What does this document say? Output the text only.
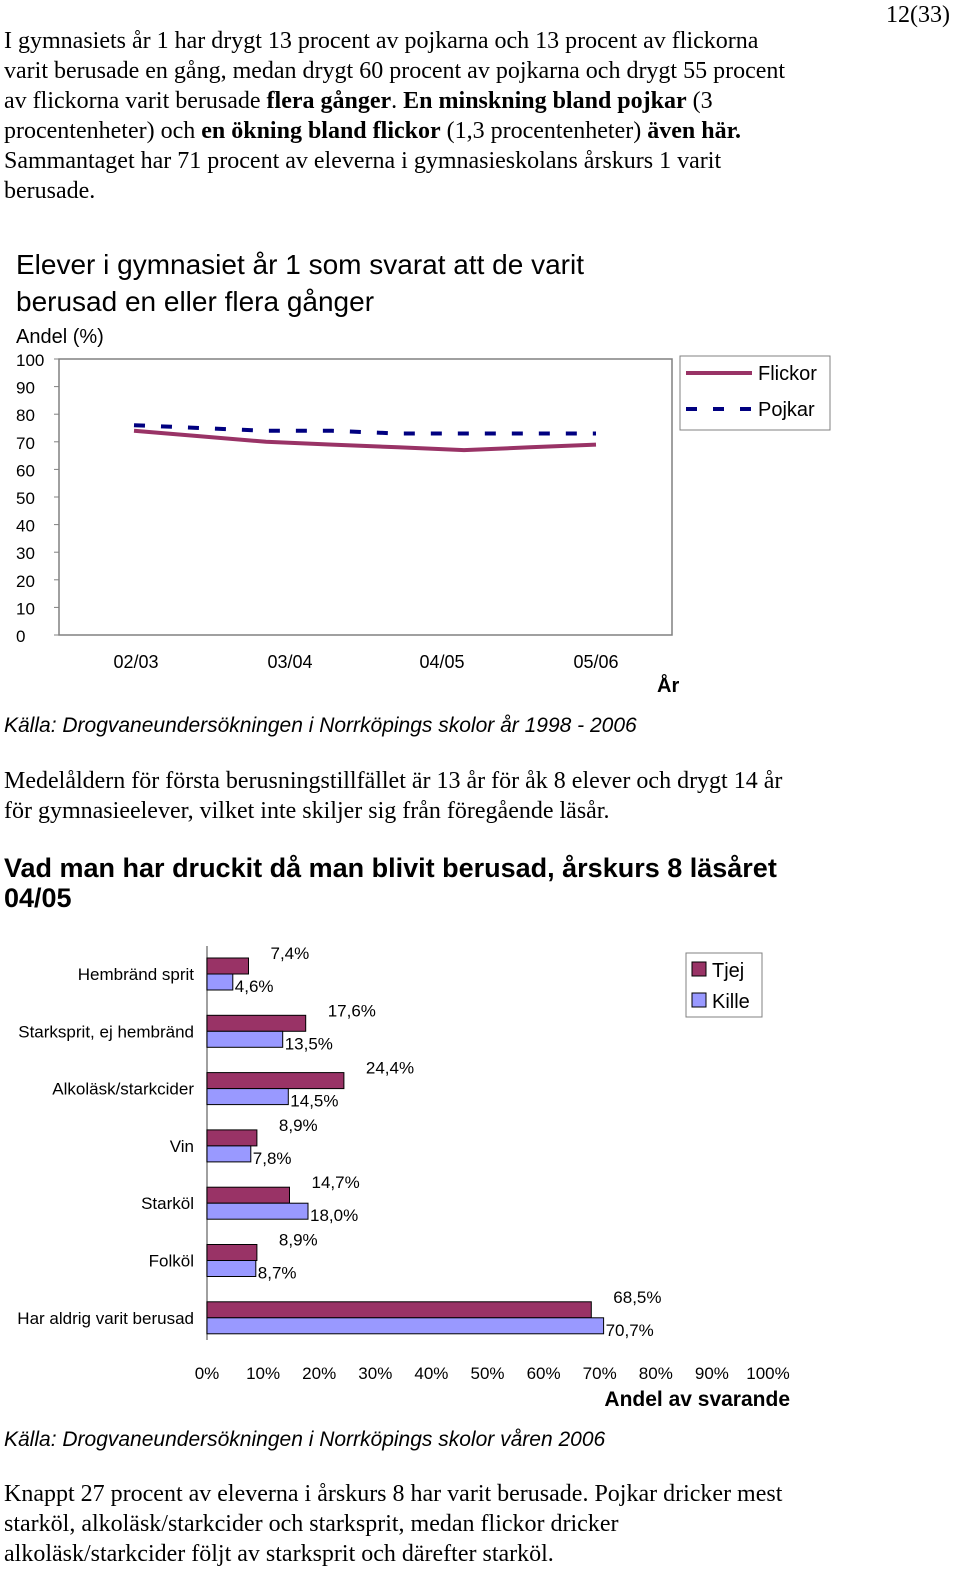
12(33)
I gymnasiets år 1 har drygt 13 procent av pojkarna och 13 procent av flickorna varit berusade en gång, medan drygt 60 procent av pojkarna och drygt 55 procent av flickorna varit berusade flera gånger. En minskning bland pojkar (3 procentenheter) och en ökning bland flickor (1,3 procentenheter) även här. Sammantaget har 71 procent av eleverna i gymnasieskolans årskurs 1 varit berusade.
Elever i gymnasiet år 1 som svarat att de varit berusad en eller flera gånger
Andel (%)
År
100
90
80
70
60
50
40
30
20
10
0
02/03	03/04	04/05	05/06
Flickor
Pojkar
7,4%
4,6%
17,6%
13,5%
24,4%
14,5%
8,9%
7,8%
14,7%
18,0%
8,9%
8,7%
68,5%
70,7%
Hembränd sprit
Starksprit, ej hembränd
Alkoläsk/starkcider
Vin
Starköl
Folköl
Har aldrig varit berusad
0% 10% 20% 30% 40% 50% 60% 70% 80% 90% 100%
Andel av svarande
Tjej
Kille
Källa: Drogvaneundersökningen i Norrköpings skolor år 1998 - 2006
Medelåldern för första berusningstillfället är 13 år för åk 8 elever och drygt 14 år för gymnasieelever, vilket inte skiljer sig från föregående läsår.
Vad man har druckit då man blivit berusad, årskurs 8 läsåret 04/05
Källa: Drogvaneundersökningen i Norrköpings skolor våren 2006
Knappt 27 procent av eleverna i årskurs 8 har varit berusade. Pojkar dricker mest starköl, alkoläsk/starkcider och starksprit, medan flickor dricker alkoläsk/starkcider följt av starksprit och därefter starköl.
